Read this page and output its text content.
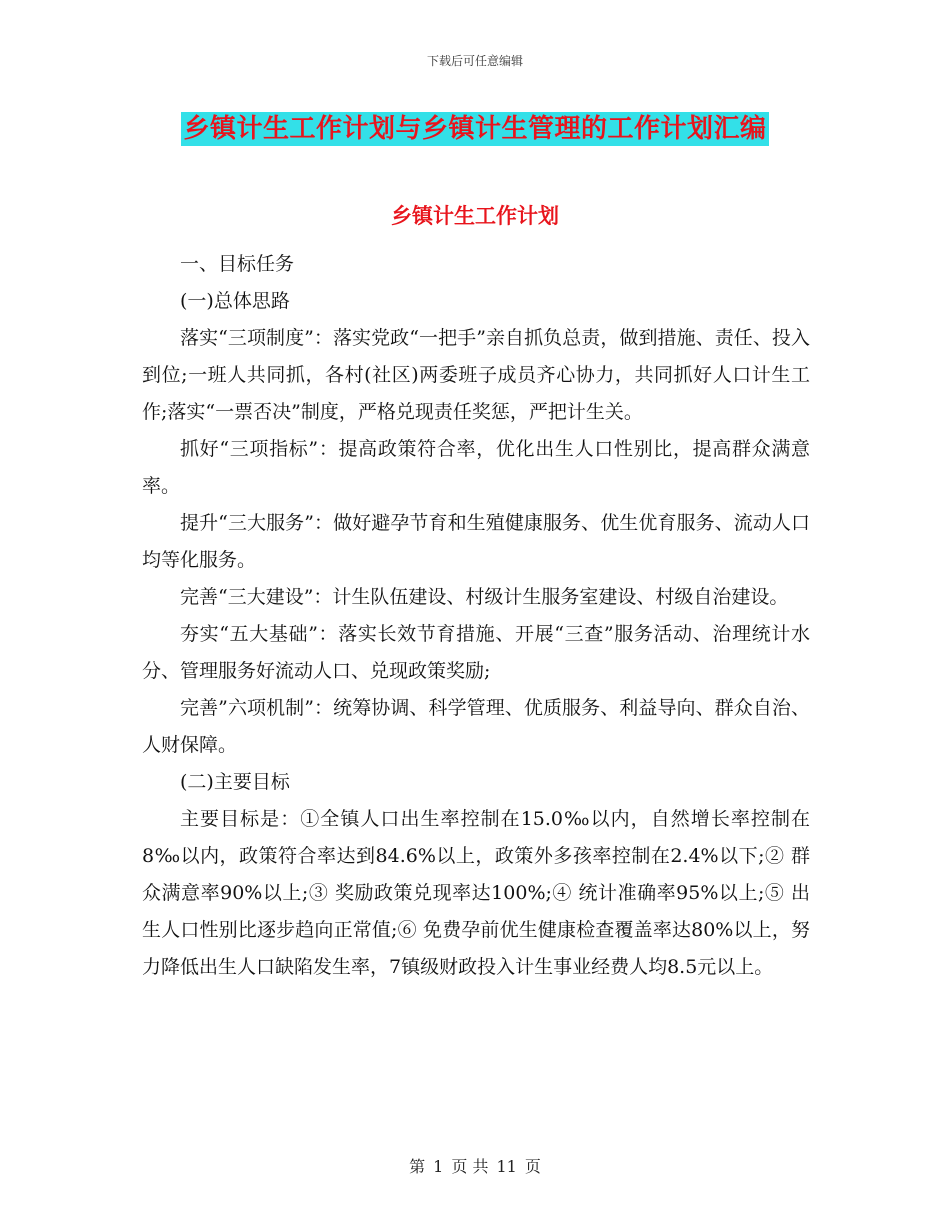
下载后可任意编辑
乡镇计生工作计划与乡镇计生管理的工作计划汇编
乡镇计生工作计划

一、目标任务

(一)总体思路

落实“三项制度”：落实党政“一把手”亲自抓负总责，做到措施、责任、投入到位;一班人共同抓，各村(社区)两委班子成员齐心协力，共同抓好人口计生工作;落实“一票否决”制度，严格兑现责任奖惩，严把计生关。

抓好“三项指标”：提高政策符合率，优化出生人口性别比，提高群众满意率。

提升“三大服务”：做好避孕节育和生殖健康服务、优生优育服务、流动人口均等化服务。

完善“三大建设”：计生队伍建设、村级计生服务室建设、村级自治建设。

夯实“五大基础”：落实长效节育措施、开展“三查”服务活动、治理统计水分、管理服务好流动人口、兑现政策奖励;

完善”六项机制”：统筹协调、科学管理、优质服务、利益导向、群众自治、人财保障。

(二)主要目标

主要目标是：①全镇人口出生率控制在15.0‰以内，自然增长率控制在8‰以内，政策符合率达到84.6%以上，政策外多孩率控制在2.4%以下;② 群众满意率90%以上;③ 奖励政策兑现率达100%;④ 统计准确率95%以上;⑤ 出生人口性别比逐步趋向正常值;⑥ 免费孕前优生健康检查覆盖率达80%以上，努力降低出生人口缺陷发生率，7镇级财政投入计生事业经费人均8.5元以上。

第 1 页 共 11 页
